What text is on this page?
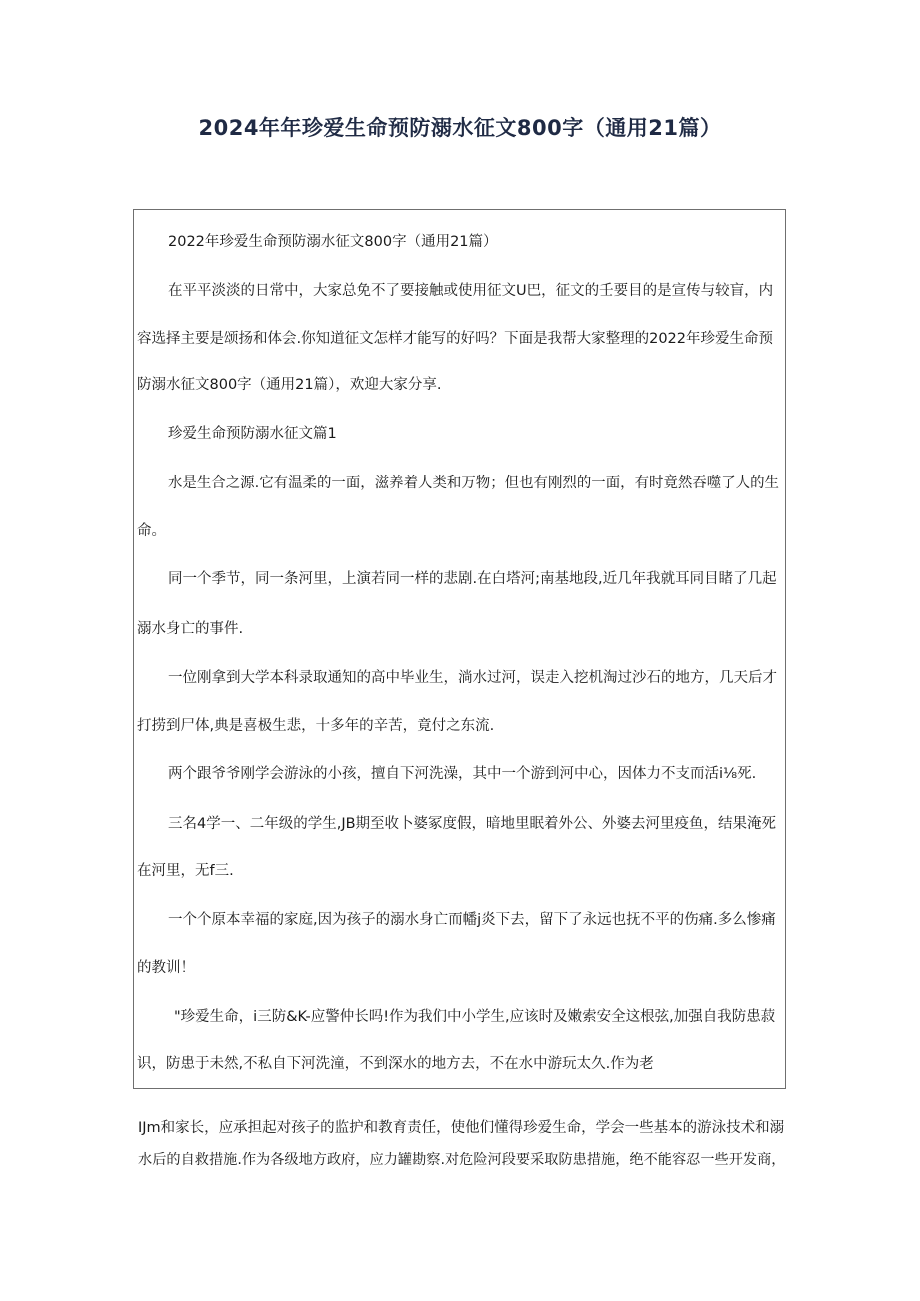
2024年年珍爱生命预防溺水征文800字（通用21篇）

2022年珍爱生命预防溺水征文800字（通用21篇）

在平平淡淡的日常中，大家总免不了要接触或使用征文U巴，征文的壬要目的是宣传与较盲，内

容选择主要是颂扬和体会.你知道征文怎样才能写的好吗？下面是我帮大家整理的2022年珍爱生命预

防溺水征文800字（通用21篇），欢迎大家分享.

珍爱生命预防溺水征文篇1

水是生合之源.它有温柔的一面，滋养着人类和万物；但也有刚烈的一面，有时竟然吞噬了人的生

命。

同一个季节，同一条河里，上演若同一样的悲剧.在白塔河;南基地段,近几年我就耳同目睹了几起

溺水身亡的事件.

一位刚拿到大学本科录取通知的高中毕业生，淌水过河，误走入挖机淘过沙石的地方，几天后才

打捞到尸体,典是喜极生悲，十多年的辛苦，竟付之东流.

两个跟爷爷刚学会游泳的小孩，擅自下河洗澡，其中一个游到河中心，因体力不支而活i⅛死.

三名4学一、二年级的学生,JB期至收卜婆冢度假，暗地里眠着外公、外婆去河里疫鱼，结果淹死

在河里，无f三.

一个个原本幸福的家庭,因为孩子的溺水身亡而幡j炎下去，留下了永远也抚不平的伤痛.多么惨痛

的教训！

"珍爱生命，i三防&K-应警仲长吗!作为我们中小学生,应该时及嫩索安全这根弦,加强自我防患菽

识，防患于未然,不私自下河洗潼，不到深水的地方去，不在水中游玩太久.作为老

IJm和家长，应承担起对孩子的监护和教育责任，使他们懂得珍爱生命，学会一些基本的游泳技术和溺

水后的自救措施.作为各级地方政府，应力罐勘察.对危险河段要采取防患措施，绝不能容忍一些开发商，
